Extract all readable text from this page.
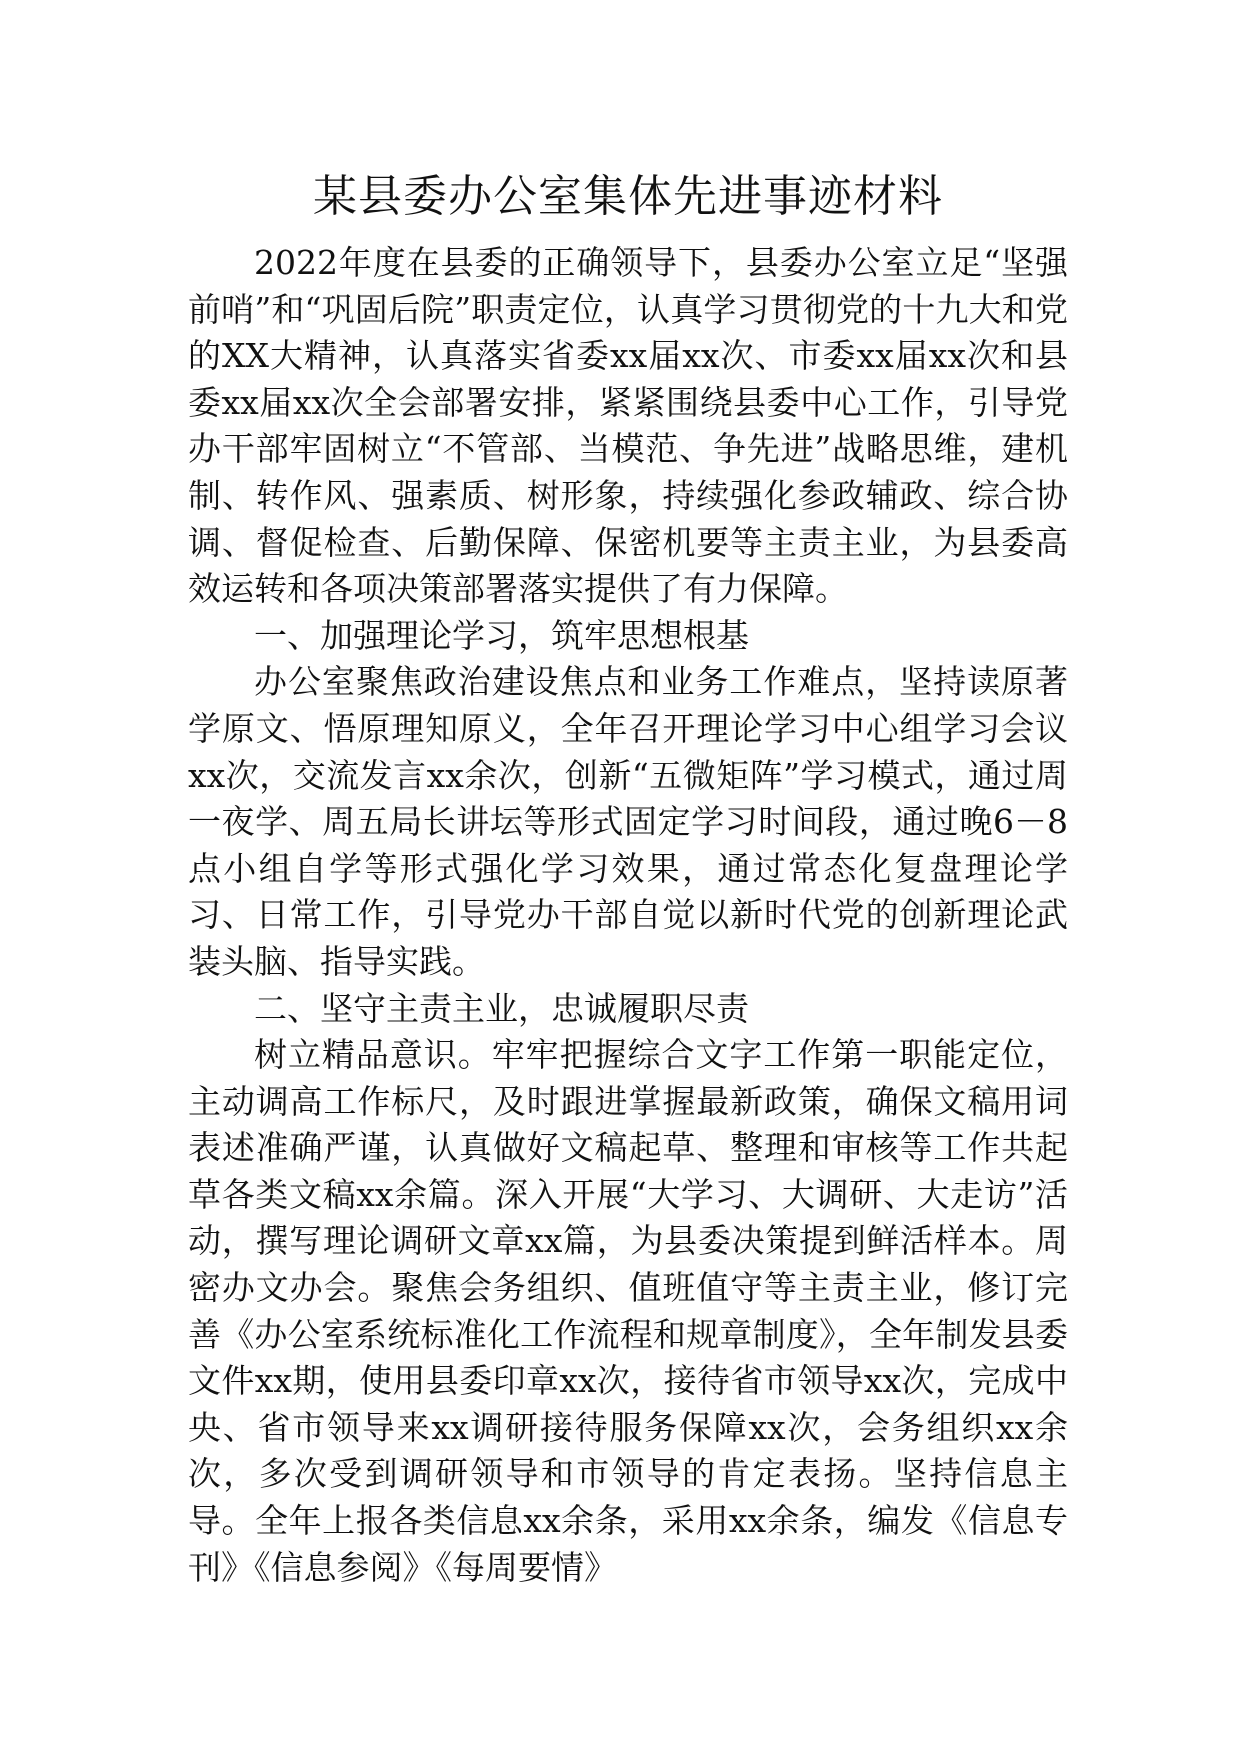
某县委办公室集体先进事迹材料

2022年度在县委的正确领导下，县委办公室立足“坚强前哨”和“巩固后院”职责定位，认真学习贯彻党的十九大和党的XX大精神，认真落实省委xx届xx次、市委xx届xx次和县委xx届xx次全会部署安排，紧紧围绕县委中心工作，引导党办干部牢固树立“不管部、当模范、争先进”战略思维，建机制、转作风、强素质、树形象，持续强化参政辅政、综合协调、督促检查、后勤保障、保密机要等主责主业，为县委高效运转和各项决策部署落实提供了有力保障。

一、加强理论学习，筑牢思想根基

办公室聚焦政治建设焦点和业务工作难点，坚持读原著学原文、悟原理知原义，全年召开理论学习中心组学习会议xx次，交流发言xx余次，创新“五微矩阵”学习模式，通过周一夜学、周五局长讲坛等形式固定学习时间段，通过晚6－8点小组自学等形式强化学习效果，通过常态化复盘理论学习、日常工作，引导党办干部自觉以新时代党的创新理论武装头脑、指导实践。

二、坚守主责主业，忠诚履职尽责

树立精品意识。牢牢把握综合文字工作第一职能定位，主动调高工作标尺，及时跟进掌握最新政策，确保文稿用词表述准确严谨，认真做好文稿起草、整理和审核等工作共起草各类文稿xx余篇。深入开展“大学习、大调研、大走访”活动，撰写理论调研文章xx篇，为县委决策提到鲜活样本。周密办文办会。聚焦会务组织、值班值守等主责主业，修订完善《办公室系统标准化工作流程和规章制度》，全年制发县委文件xx期，使用县委印章xx次，接待省市领导xx次，完成中央、省市领导来xx调研接待服务保障xx次，会务组织xx余次，多次受到调研领导和市领导的肯定表扬。坚持信息主导。全年上报各类信息xx余条，采用xx余条，编发《信息专刊》《信息参阅》《每周要情》
